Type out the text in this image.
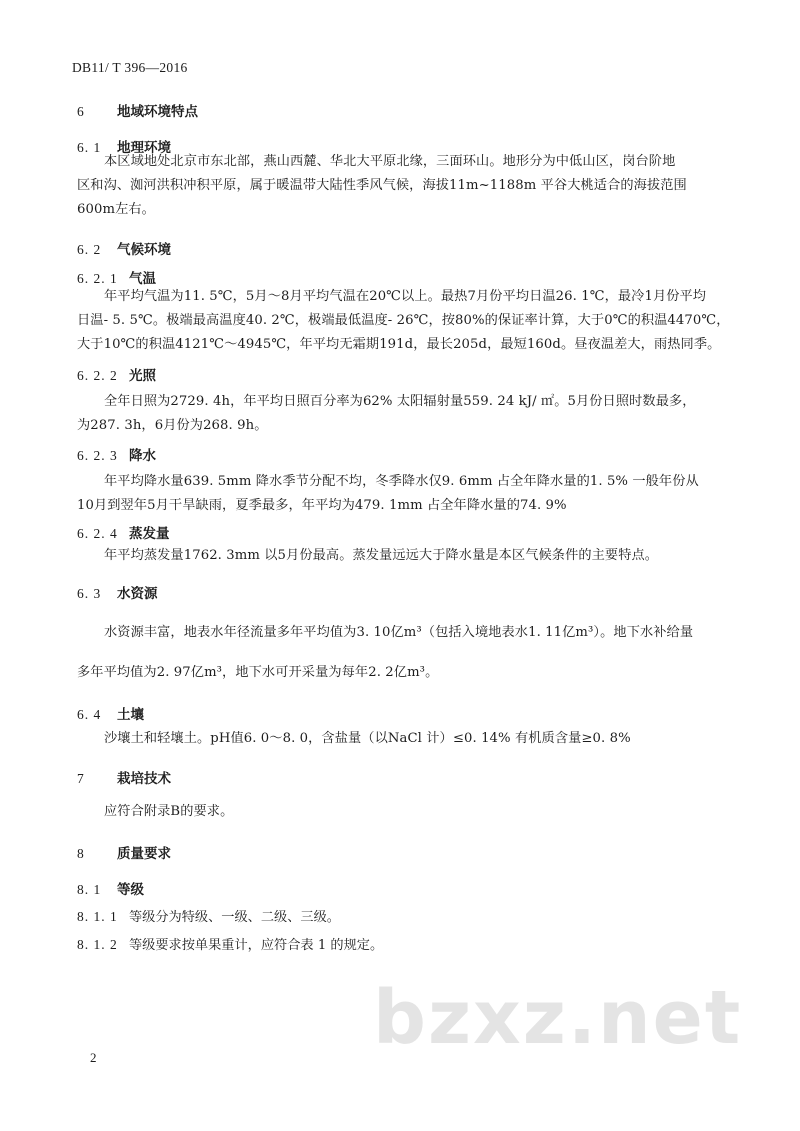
DB11/ T 396—2016
6 地域环境特点
6. 1 地理环境
本区域地处北京市东北部，燕山西麓、华北大平原北缘，三面环山。地形分为中低山区，岗台阶地
区和沟、洳河洪积冲积平原，属于暖温带大陆性季风气候，海拔11m~1188m 平谷大桃适合的海拔范围
600m左右。
6. 2 气候环境
6. 2. 1 气温
年平均气温为11. 5℃，5月～8月平均气温在20℃以上。最热7月份平均日温26. 1℃，最冷1月份平均
日温- 5. 5℃。极端最高温度40. 2℃，极端最低温度- 26℃，按80%的保证率计算，大于0℃的积温4470℃，
大于10℃的积温4121℃～4945℃，年平均无霜期191d，最长205d，最短160d。昼夜温差大，雨热同季。
6. 2. 2 光照
全年日照为2729. 4h，年平均日照百分率为62% 太阳辐射量559. 24 kJ/ ㎡。5月份日照时数最多，
为287. 3h，6月份为268. 9h。
6. 2. 3 降水
年平均降水量639. 5mm 降水季节分配不均，冬季降水仅9. 6mm 占全年降水量的1. 5% 一般年份从
10月到翌年5月干旱缺雨，夏季最多，年平均为479. 1mm 占全年降水量的74. 9%
6. 2. 4 蒸发量
年平均蒸发量1762. 3mm 以5月份最高。蒸发量远远大于降水量是本区气候条件的主要特点。
6. 3 水资源
水资源丰富，地表水年径流量多年平均值为3. 10亿m³（包括入境地表水1. 11亿m³）。地下水补给量
多年平均值为2. 97亿m³，地下水可开采量为每年2. 2亿m³。
6. 4 土壤
沙壤土和轻壤土。pH值6. 0～8. 0，含盐量（以NaCl 计）≤0. 14% 有机质含量≥0. 8%
7 栽培技术
应符合附录B的要求。
8 质量要求
8. 1 等级
8. 1. 1 等级分为特级、一级、二级、三级。
8. 1. 2 等级要求按单果重计，应符合表 1 的规定。
bzxz.net
2
